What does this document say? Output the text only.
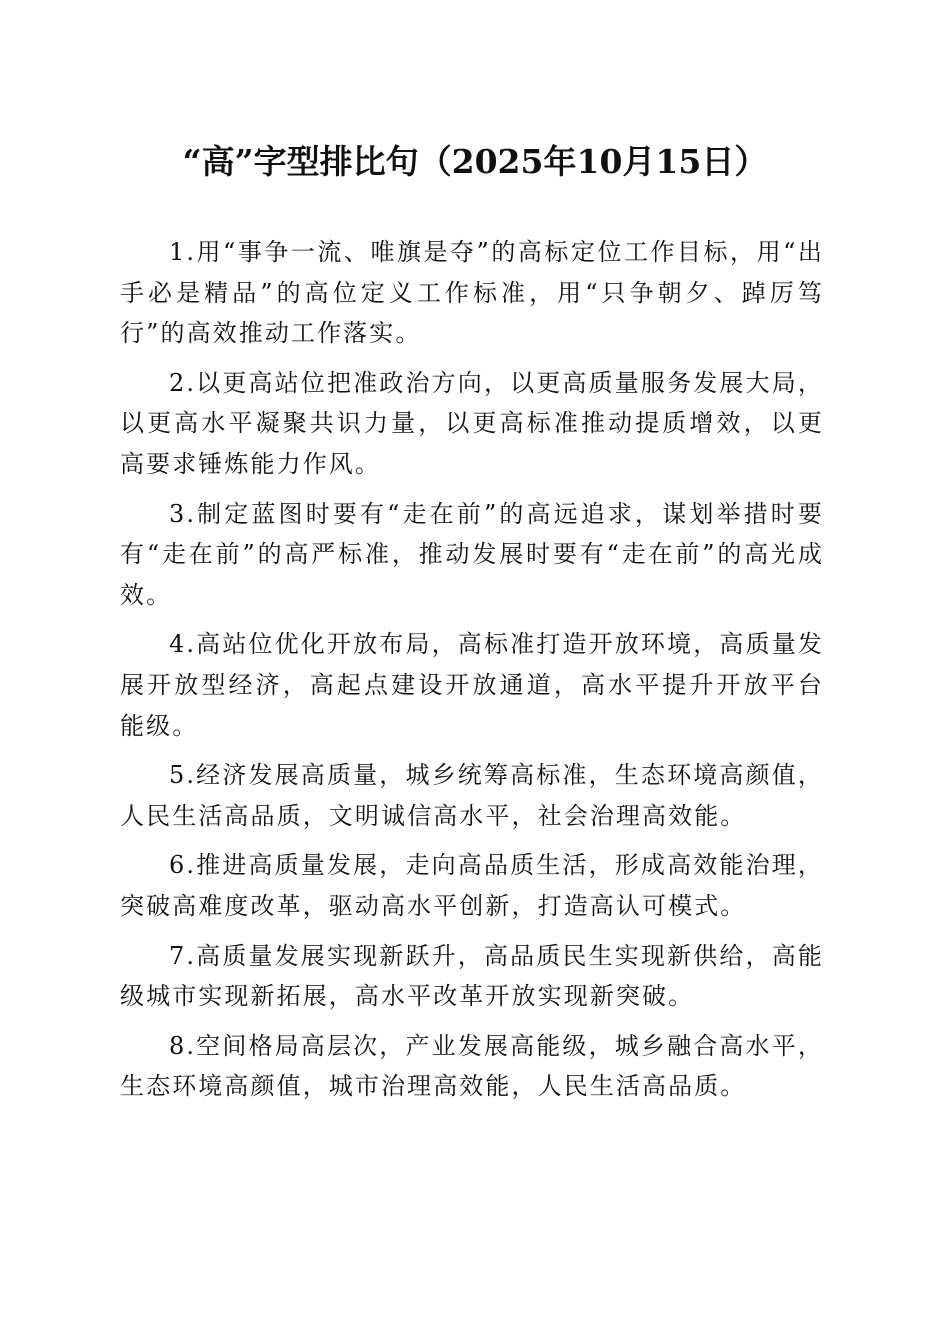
“高”字型排比句（2025年10月15日）

1.用“事争一流、唯旗是夺”的高标定位工作目标，用“出手必是精品”的高位定义工作标准，用“只争朝夕、踔厉笃行”的高效推动工作落实。

2.以更高站位把准政治方向，以更高质量服务发展大局，以更高水平凝聚共识力量，以更高标准推动提质增效，以更高要求锤炼能力作风。

3.制定蓝图时要有“走在前”的高远追求，谋划举措时要有“走在前”的高严标准，推动发展时要有“走在前”的高光成效。

4.高站位优化开放布局，高标准打造开放环境，高质量发展开放型经济，高起点建设开放通道，高水平提升开放平台能级。

5.经济发展高质量，城乡统筹高标准，生态环境高颜值，人民生活高品质，文明诚信高水平，社会治理高效能。

6.推进高质量发展，走向高品质生活，形成高效能治理，突破高难度改革，驱动高水平创新，打造高认可模式。

7.高质量发展实现新跃升，高品质民生实现新供给，高能级城市实现新拓展，高水平改革开放实现新突破。

8.空间格局高层次，产业发展高能级，城乡融合高水平，生态环境高颜值，城市治理高效能，人民生活高品质。
